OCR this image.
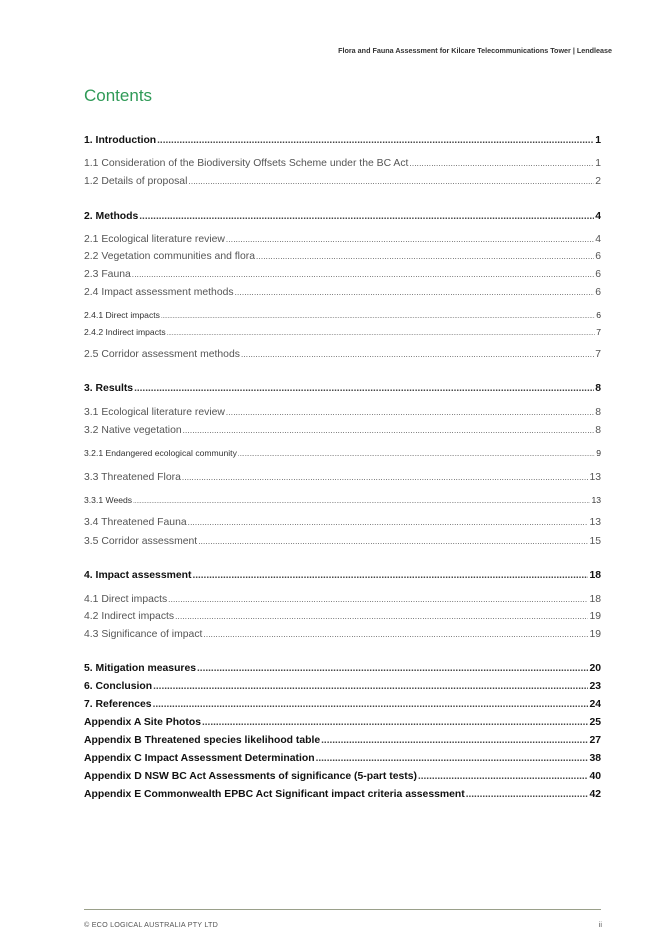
Flora and Fauna Assessment for Kilcare Telecommunications Tower | Lendlease
Contents
1. Introduction .....	1
1.1 Consideration of the Biodiversity Offsets Scheme under the BC Act .....	1
1.2 Details of proposal .....	2
2. Methods .....	4
2.1 Ecological literature review .....	4
2.2 Vegetation communities and flora .....	6
2.3 Fauna .....	6
2.4 Impact assessment methods .....	6
2.4.1 Direct impacts .....	6
2.4.2 Indirect impacts .....	7
2.5 Corridor assessment methods .....	7
3. Results .....	8
3.1 Ecological literature review .....	8
3.2 Native vegetation .....	8
3.2.1 Endangered ecological community .....	9
3.3 Threatened Flora .....	13
3.3.1 Weeds .....	13
3.4 Threatened Fauna .....	13
3.5 Corridor assessment .....	15
4. Impact assessment .....	18
4.1 Direct impacts .....	18
4.2 Indirect impacts .....	19
4.3 Significance of impact .....	19
5. Mitigation measures .....	20
6. Conclusion .....	23
7. References .....	24
Appendix A Site Photos .....	25
Appendix B Threatened species likelihood table .....	27
Appendix C Impact Assessment Determination .....	38
Appendix D NSW BC Act Assessments of significance (5-part tests) .....	40
Appendix E Commonwealth EPBC Act Significant impact criteria assessment .....	42
© ECO LOGICAL AUSTRALIA PTY LTD	ii
